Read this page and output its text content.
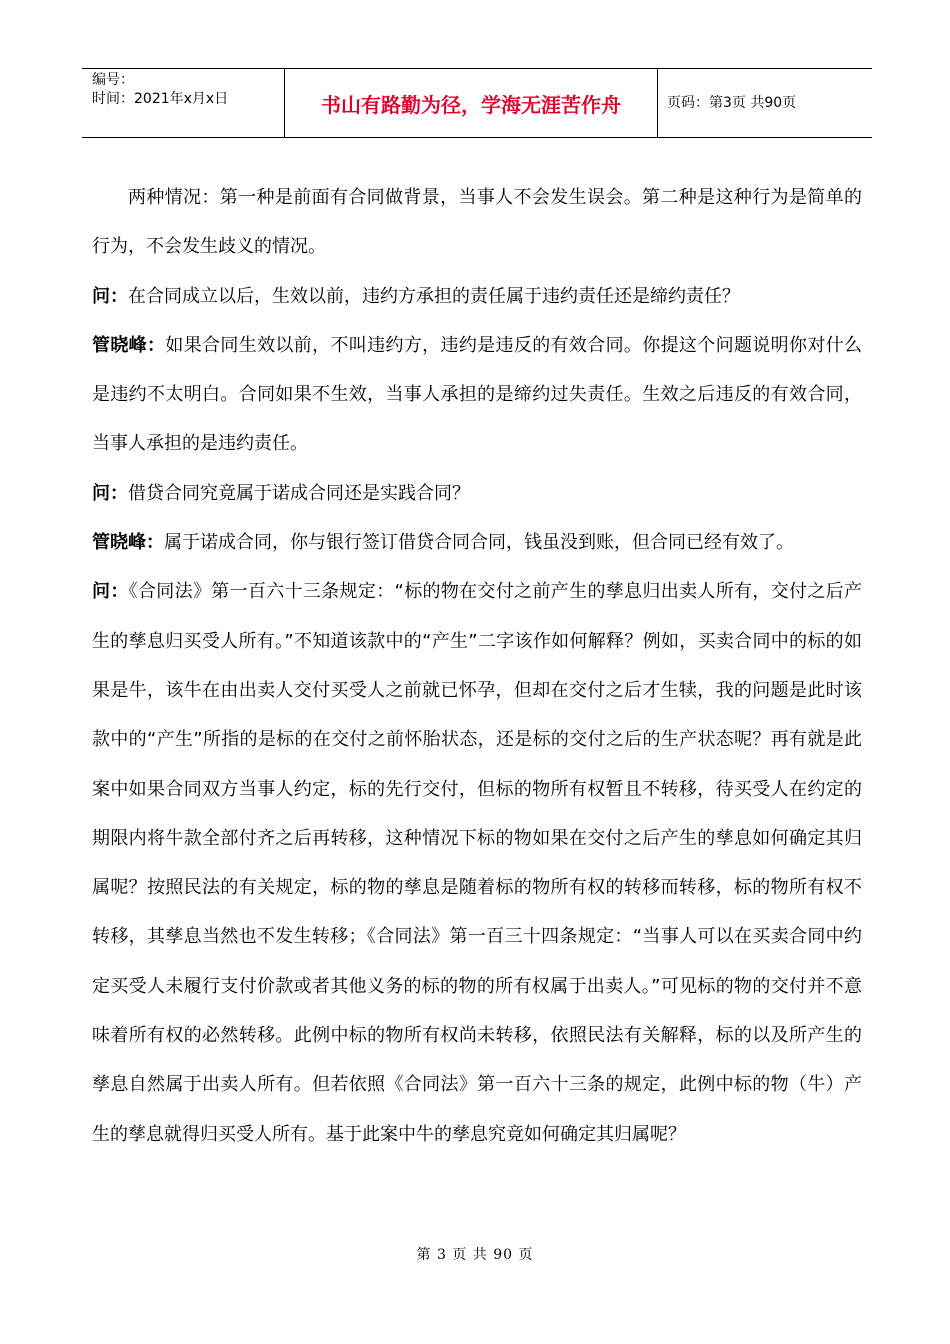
编号：
时间：2021年x月x日	书山有路勤为径，学海无涯苦作舟	页码：第3页 共90页

两种情况：第一种是前面有合同做背景，当事人不会发生误会。第二种是这种行为是简单的行为，不会发生歧义的情况。

问：在合同成立以后，生效以前，违约方承担的责任属于违约责任还是缔约责任？

管晓峰：如果合同生效以前，不叫违约方，违约是违反的有效合同。你提这个问题说明你对什么是违约不太明白。合同如果不生效，当事人承担的是缔约过失责任。生效之后违反的有效合同，当事人承担的是违约责任。

问：借贷合同究竟属于诺成合同还是实践合同？

管晓峰：属于诺成合同，你与银行签订借贷合同合同，钱虽没到账，但合同已经有效了。

问：《合同法》第一百六十三条规定：“标的物在交付之前产生的孳息归出卖人所有，交付之后产生的孳息归买受人所有。”不知道该款中的“产生”二字该作如何解释？例如，买卖合同中的标的如果是牛，该牛在由出卖人交付买受人之前就已怀孕，但却在交付之后才生犊，我的问题是此时该款中的“产生”所指的是标的在交付之前怀胎状态，还是标的交付之后的生产状态呢？再有就是此案中如果合同双方当事人约定，标的先行交付，但标的物所有权暂且不转移，待买受人在约定的期限内将牛款全部付齐之后再转移，这种情况下标的物如果在交付之后产生的孳息如何确定其归属呢？按照民法的有关规定，标的物的孳息是随着标的物所有权的转移而转移，标的物所有权不转移，其孳息当然也不发生转移；《合同法》第一百三十四条规定：“当事人可以在买卖合同中约定买受人未履行支付价款或者其他义务的标的物的所有权属于出卖人。”可见标的物的交付并不意味着所有权的必然转移。此例中标的物所有权尚未转移，依照民法有关解释，标的以及所产生的孳息自然属于出卖人所有。但若依照《合同法》第一百六十三条的规定，此例中标的物（牛）产生的孳息就得归买受人所有。基于此案中牛的孳息究竟如何确定其归属呢？

第 3 页 共 90 页
